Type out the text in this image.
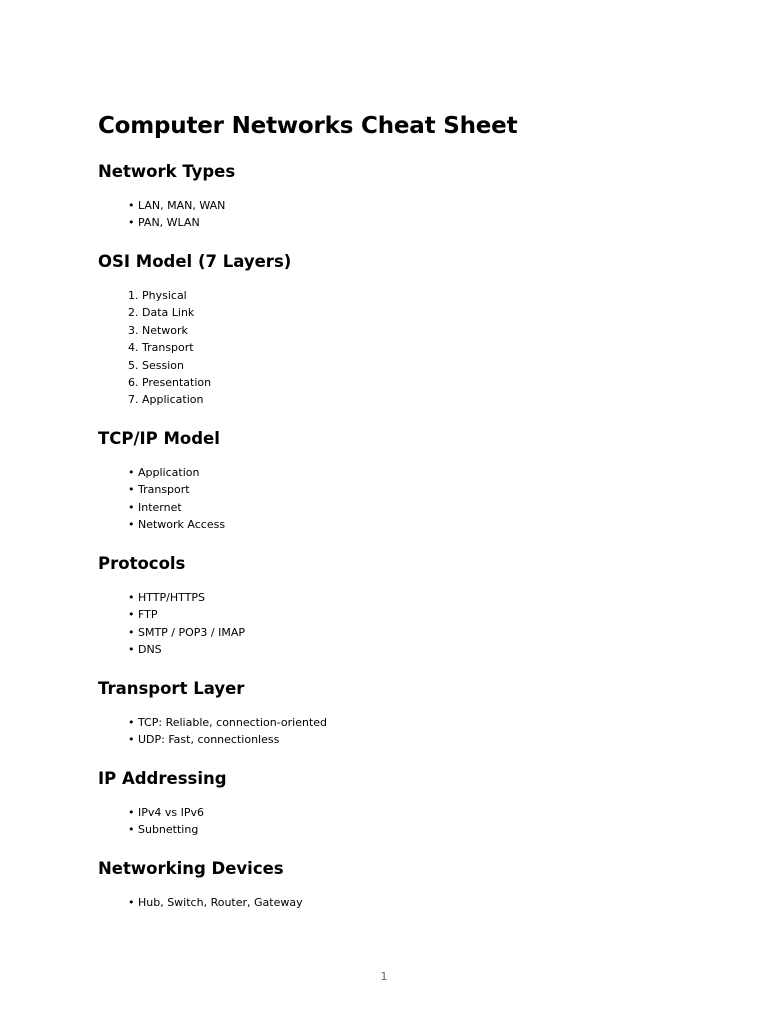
Computer Networks Cheat Sheet
Network Types
• LAN, MAN, WAN
• PAN, WLAN
OSI Model (7 Layers)
1. Physical
2. Data Link
3. Network
4. Transport
5. Session
6. Presentation
7. Application
TCP/IP Model
• Application
• Transport
• Internet
• Network Access
Protocols
• HTTP/HTTPS
• FTP
• SMTP / POP3 / IMAP
• DNS
Transport Layer
• TCP: Reliable, connection-oriented
• UDP: Fast, connectionless
IP Addressing
• IPv4 vs IPv6
• Subnetting
Networking Devices
• Hub, Switch, Router, Gateway
1
